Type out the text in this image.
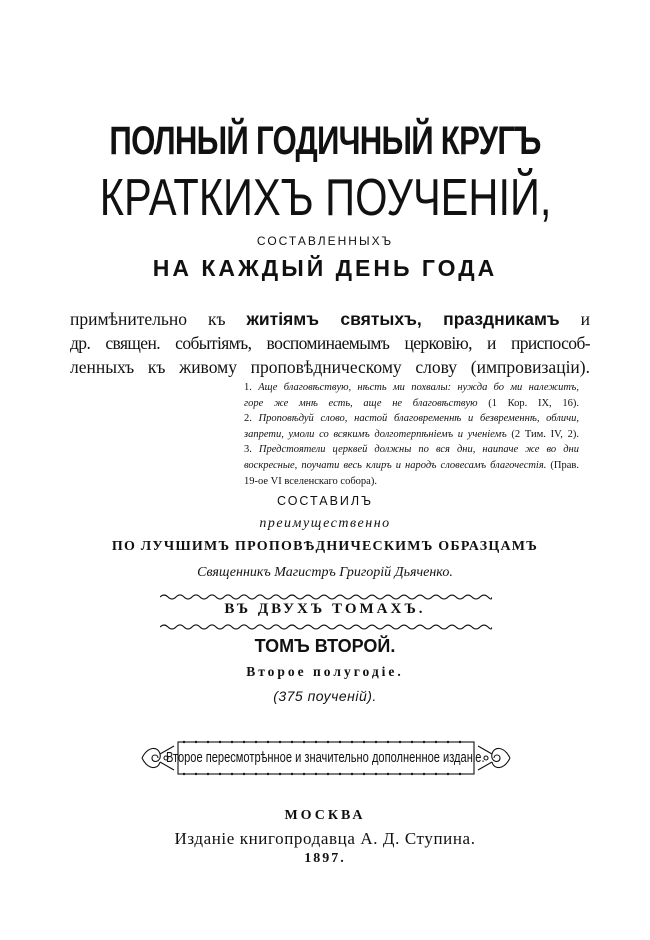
ПОЛНЫЙ ГОДИЧНЫЙ КРУГЪ
КРАТКИХЪ ПОУЧЕНІЙ,
СОСТАВЛЕННЫХЪ
НА КАЖДЫЙ ДЕНЬ ГОДА
примѣнительно къ житіямъ святыхъ, праздникамъ и
др. священ. событіямъ, воспоминаемымъ церковію, и приспособ-
ленныхъ къ живому проповѣдническому слову (импровизаціи).
1. Аще благовѣствую, нѣсть ми похвалы: нужда бо ми належитъ,
горе же мнѣ есть, аще не благовѣствую (1 Кор. IX, 16).
2. Проповѣдуй слово, настой благовременнѣ и безвременнѣ, обличи,
запрети, умоли со всякимъ долготерпѣніемъ и ученіемъ (2 Тим. IV, 2).
3. Предстоятели церквей должны по вся дни, наипаче же во дни
воскресные, поучати весь клиръ и народъ словесамъ благочестія. (Прав.
19-ое VI вселенскаго собора).
СОСТАВИЛЪ
преимущественно
ПО ЛУЧШИМЪ ПРОПОВѢДНИЧЕСКИМЪ ОБРАЗЦАМЪ
Священникъ Магистръ Григорій Дьяченко.
ВЪ ДВУХЪ ТОМАХЪ.
ТОМЪ ВТОРОЙ.
Второе полугодіе.
(375 поученій).
Второе пересмотрѣнное и значительно дополненное изданіе.
МОСКВА
Изданіе книгопродавца А. Д. Ступина.
1897.
